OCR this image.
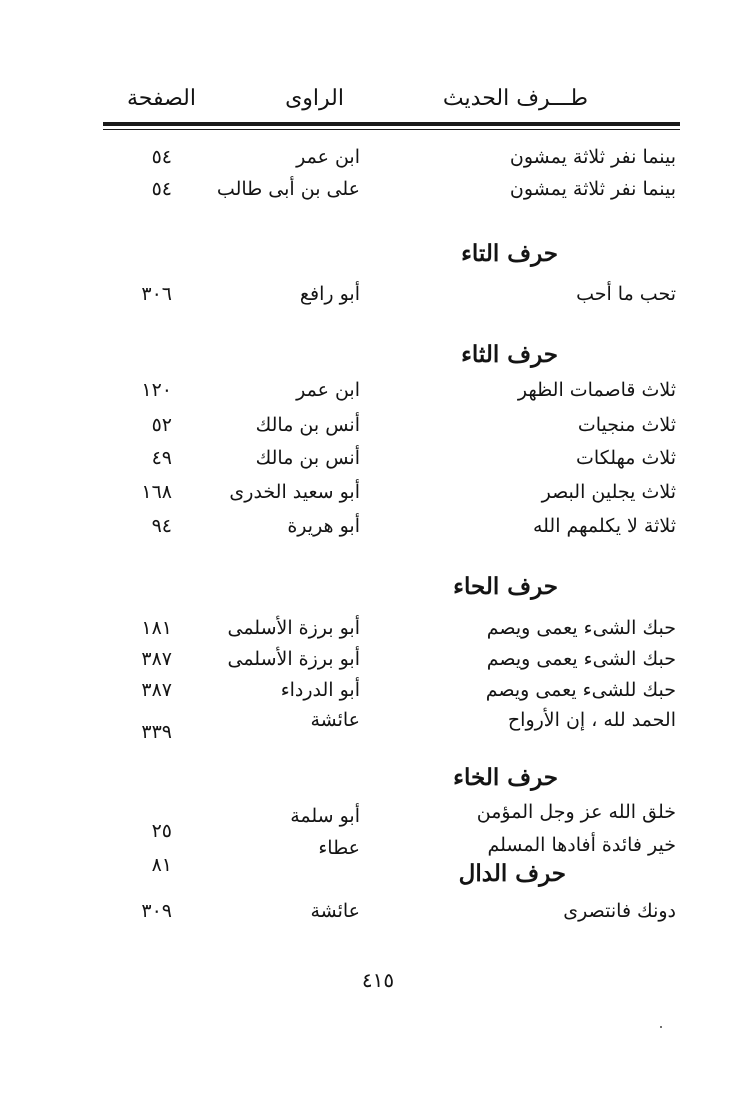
طـــرف الحديث
الراوى
الصفحة
بينما نفر ثلاثة يمشون
ابن عمر
٥٤
بينما نفر ثلاثة يمشون
على بن أبى طالب
٥٤
حرف التاء
تحب ما أحب
أبو رافع
٣٠٦
حرف الثاء
ثلاث قاصمات الظهر
ابن عمر
١٢٠
ثلاث منجيات
أنس بن مالك
٥٢
ثلاث مهلكات
أنس بن مالك
٤٩
ثلاث يجلين البصر
أبو سعيد الخدرى
١٦٨
ثلاثة لا يكلمهم الله
أبو هريرة
٩٤
حرف الحاء
حبك الشىء يعمى ويصم
أبو برزة الأسلمى
١٨١
حبك الشىء يعمى ويصم
أبو برزة الأسلمى
٣٨٧
حبك للشىء يعمى ويصم
أبو الدرداء
٣٨٧
الحمد لله ، إن الأرواح
عائشة
٣٣٩
حرف الخاء
خلق الله عز وجل المؤمن
أبو سلمة
٢٥
خير فائدة أفادها المسلم
عطاء
٨١	حرف الدال
دونك فانتصرى
عائشة
٣٠٩
٤١٥
